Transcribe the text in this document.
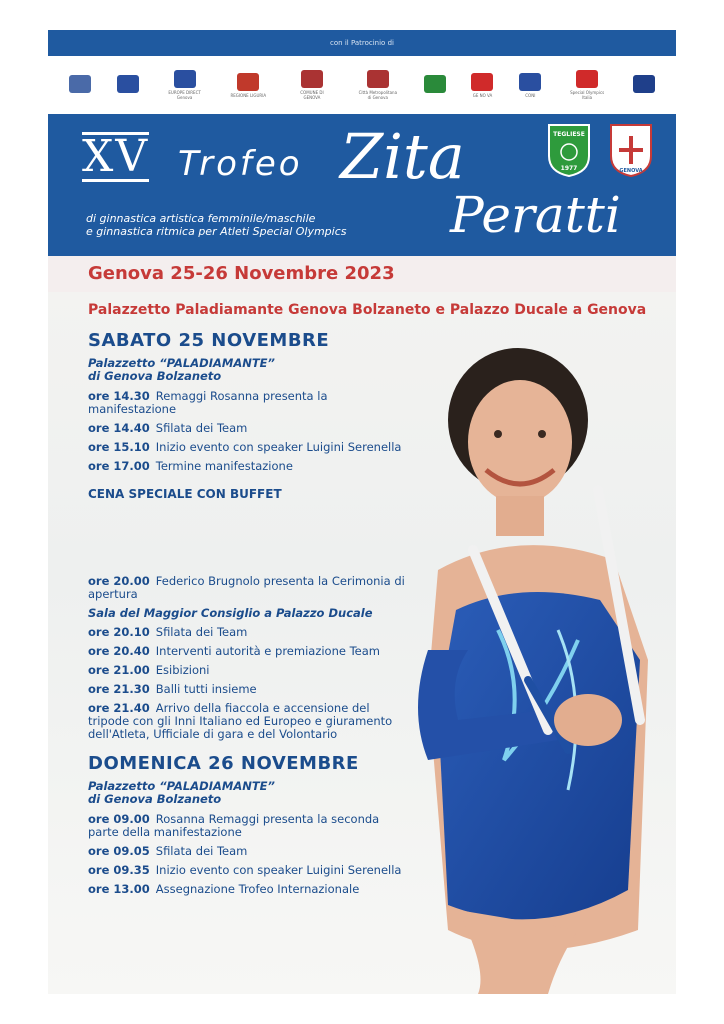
con il Patrocinio di
EUROPE DIRECT Genova	REGIONE LIGURIA	COMUNE DI GENOVA
Città Metropolitana di Genova	GE NO VA	CONI	Special Olympics Italia
XV Trofeo Zita
Peratti
di ginnastica artistica femminile/maschile
e ginnastica ritmica per Atleti Special Olympics
TEGLIESE
1977	GENOVA
Genova 25-26 Novembre 2023
Palazzetto Paladiamante Genova Bolzaneto e Palazzo Ducale a Genova
SABATO 25 NOVEMBRE
Palazzetto “PALADIAMANTE”
di Genova Bolzaneto
ore 14.30 Remaggi Rosanna presenta la manifestazione
ore 14.40 Sfilata dei Team
ore 15.10 Inizio evento con speaker Luigini Serenella
ore 17.00 Termine manifestazione
CENA SPECIALE CON BUFFET
ore 20.00 Federico Brugnolo presenta la Cerimonia di apertura
Sala del Maggior Consiglio a Palazzo Ducale
ore 20.10 Sfilata dei Team
ore 20.40 Interventi autorità e premiazione Team
ore 21.00 Esibizioni
ore 21.30 Balli tutti insieme
ore 21.40 Arrivo della fiaccola e accensione del tripode con gli Inni Italiano ed Europeo e giuramento dell'Atleta, Ufficiale di gara e del Volontario
DOMENICA 26 NOVEMBRE
Palazzetto “PALADIAMANTE”
di Genova Bolzaneto
ore 09.00 Rosanna Remaggi presenta la seconda parte della manifestazione
ore 09.05 Sfilata dei Team
ore 09.35 Inizio evento con speaker Luigini Serenella
ore 13.00 Assegnazione Trofeo Internazionale
